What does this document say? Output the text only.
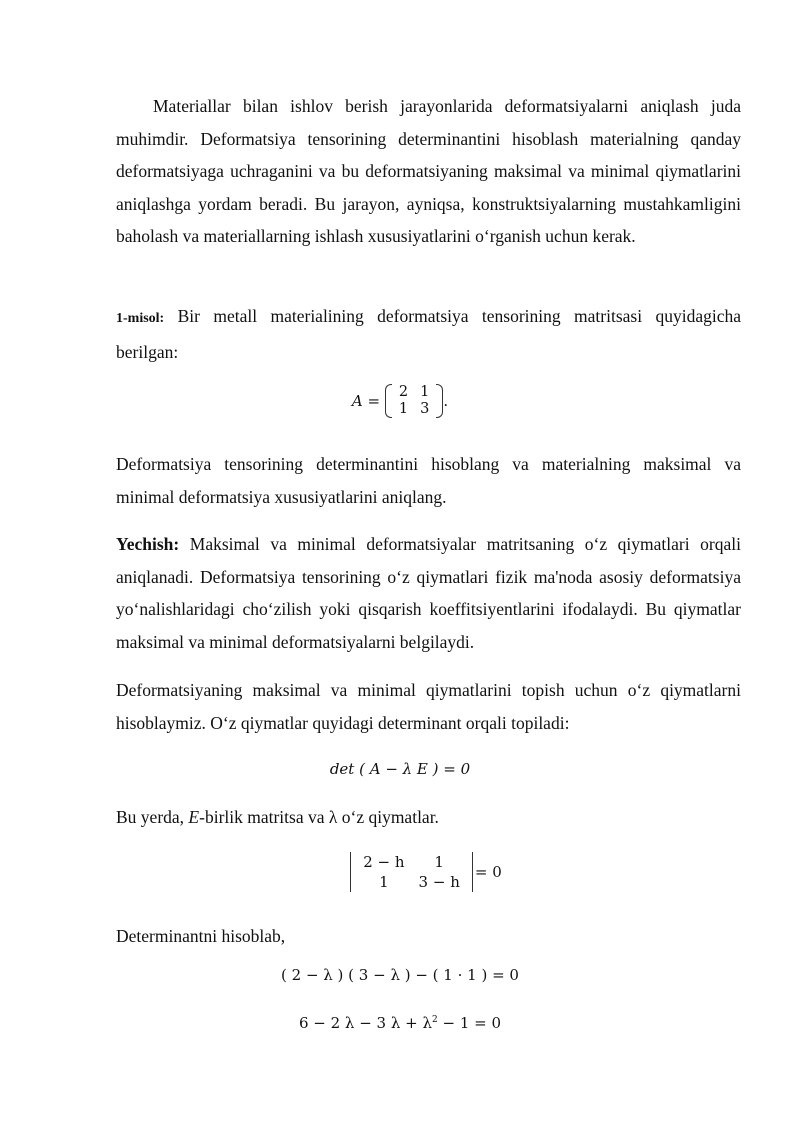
Materiallar bilan ishlov berish jarayonlarida deformatsiyalarni aniqlash juda muhimdir. Deformatsiya tensorining determinantini hisoblash materialning qanday deformatsiyaga uchraganini va bu deformatsiyaning maksimal va minimal qiymatlarini aniqlashga yordam beradi. Bu jarayon, ayniqsa, konstruktsiyalarning mustahkamligini baholash va materiallarning ishlash xususiyatlarini o‘rganish uchun kerak.

1-misol: Bir metall materialining deformatsiya tensorining matritsasi quyidagicha berilgan:

A = 2	1
1	3 .

Deformatsiya tensorining determinantini hisoblang va materialning maksimal va minimal deformatsiya xususiyatlarini aniqlang.

Yechish: Maksimal va minimal deformatsiyalar matritsaning o‘z qiymatlari orqali aniqlanadi. Deformatsiya tensorining o‘z qiymatlari fizik ma'noda asosiy deformatsiya yo‘nalishlaridagi cho‘zilish yoki qisqarish koeffitsiyentlarini ifodalaydi. Bu qiymatlar maksimal va minimal deformatsiyalarni belgilaydi.

Deformatsiyaning maksimal va minimal qiymatlarini topish uchun o‘z qiymatlarni hisoblaymiz. O‘z qiymatlar quyidagi determinant orqali topiladi:

det ( A − λ E ) = 0

Bu yerda, E-birlik matritsa va λ o‘z qiymatlar.

2 − h	1
1	3 − h
= 0

Determinantni hisoblab,

( 2 − λ ) ( 3 − λ ) − ( 1 · 1 ) = 0
6 − 2 λ − 3 $\lambda + \lambda^2 - 1 = 0$
